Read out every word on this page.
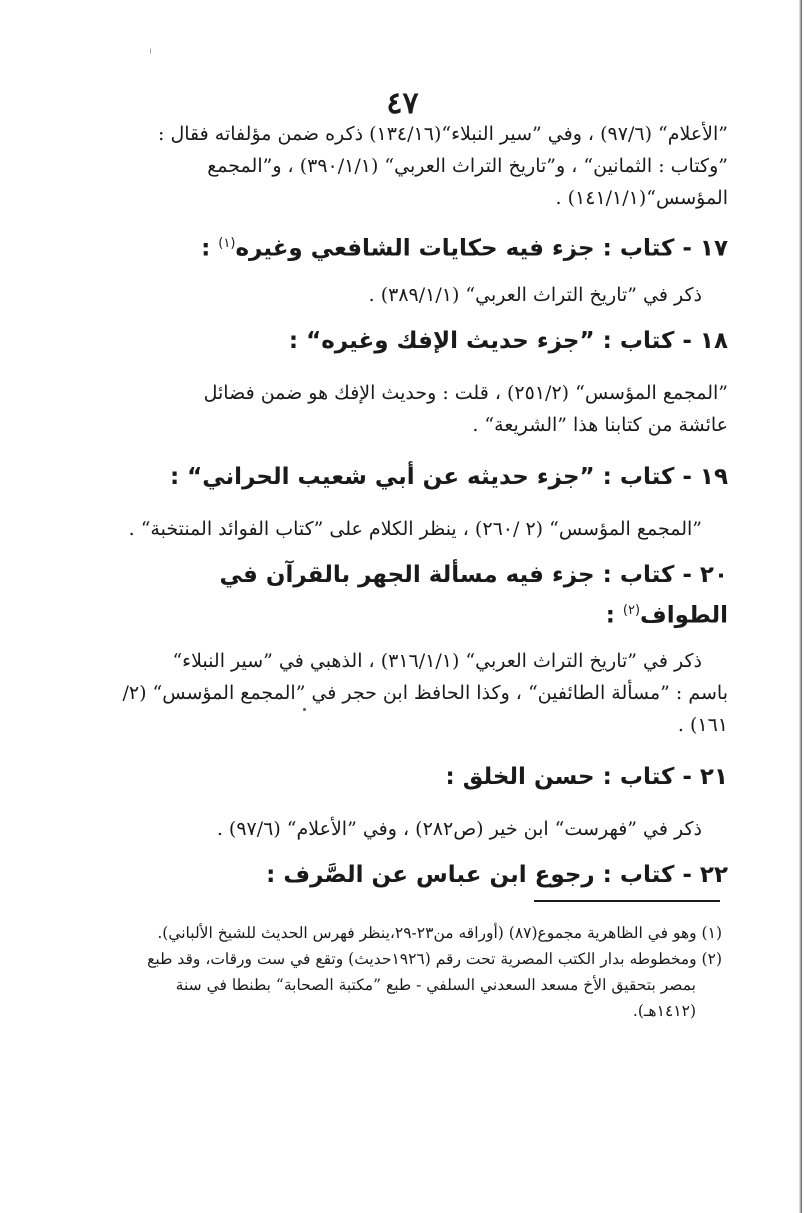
٤٧

”الأعلام“ (٩٧/٦) ، وفي ”سير النبلاء“(١٣٤/١٦) ذكره ضمن مؤلفاته فقال :

”وكتاب : الثمانين“ ، و”تاريخ التراث العربي“ (٣٩٠/١/١) ، و”المجمع

المؤسس“(١٤١/١/١) .

١٧ - كتاب : جزء فيه حكايات الشافعي وغيره$^{(١)}$ :

ذكر في ”تاريخ التراث العربي“ (٣٨٩/١/١) .

١٨ - كتاب : ”جزء حديث الإفك وغيره“ :

”المجمع المؤسس“ (٢٥١/٢) ، قلت : وحديث الإفك هو ضمن فضائل

عائشة من كتابنا هذا ”الشريعة“ .

١٩ - كتاب : ”جزء حديثه عن أبي شعيب الحراني“ :

”المجمع المؤسس“ (٢ /٢٦٠) ، ينظر الكلام على ”كتاب الفوائد المنتخبة“ .

٢٠ - كتاب : جزء فيه مسألة الجهر بالقرآن في الطواف$^{(٢)}$ :

ذكر في ”تاريخ التراث العربي“ (٣١٦/١/١) ، الذهبي في ”سير النبلاء“

باسم : ”مسألة الطائفين“ ، وكذا الحافظ ابن حجر في ”المجمع المؤسس“ (٢/

١٦١) .

٢١ - كتاب : حسن الخلق :

ذكر في ”فهرست“ ابن خير (ص٢٨٢) ، وفي ”الأعلام“ (٩٧/٦) .

٢٢ - كتاب : رجوع ابن عباس عن الصَّرف :

(١) وهو في الظاهرية مجموع(٨٧) (أوراقه من٢٣-٢٩،ينظر فهرس الحديث للشيخ الألباني).

(٢) ومخطوطه بدار الكتب المصرية تحت رقم (١٩٢٦حديث) وتقع في ست ورقات، وقد طبع

بمصر بتحقيق الأخ مسعد السعدني السلفي - طبع ”مكتبة الصحابة“ بطنطا في سنة

(١٤١٢هـ).
